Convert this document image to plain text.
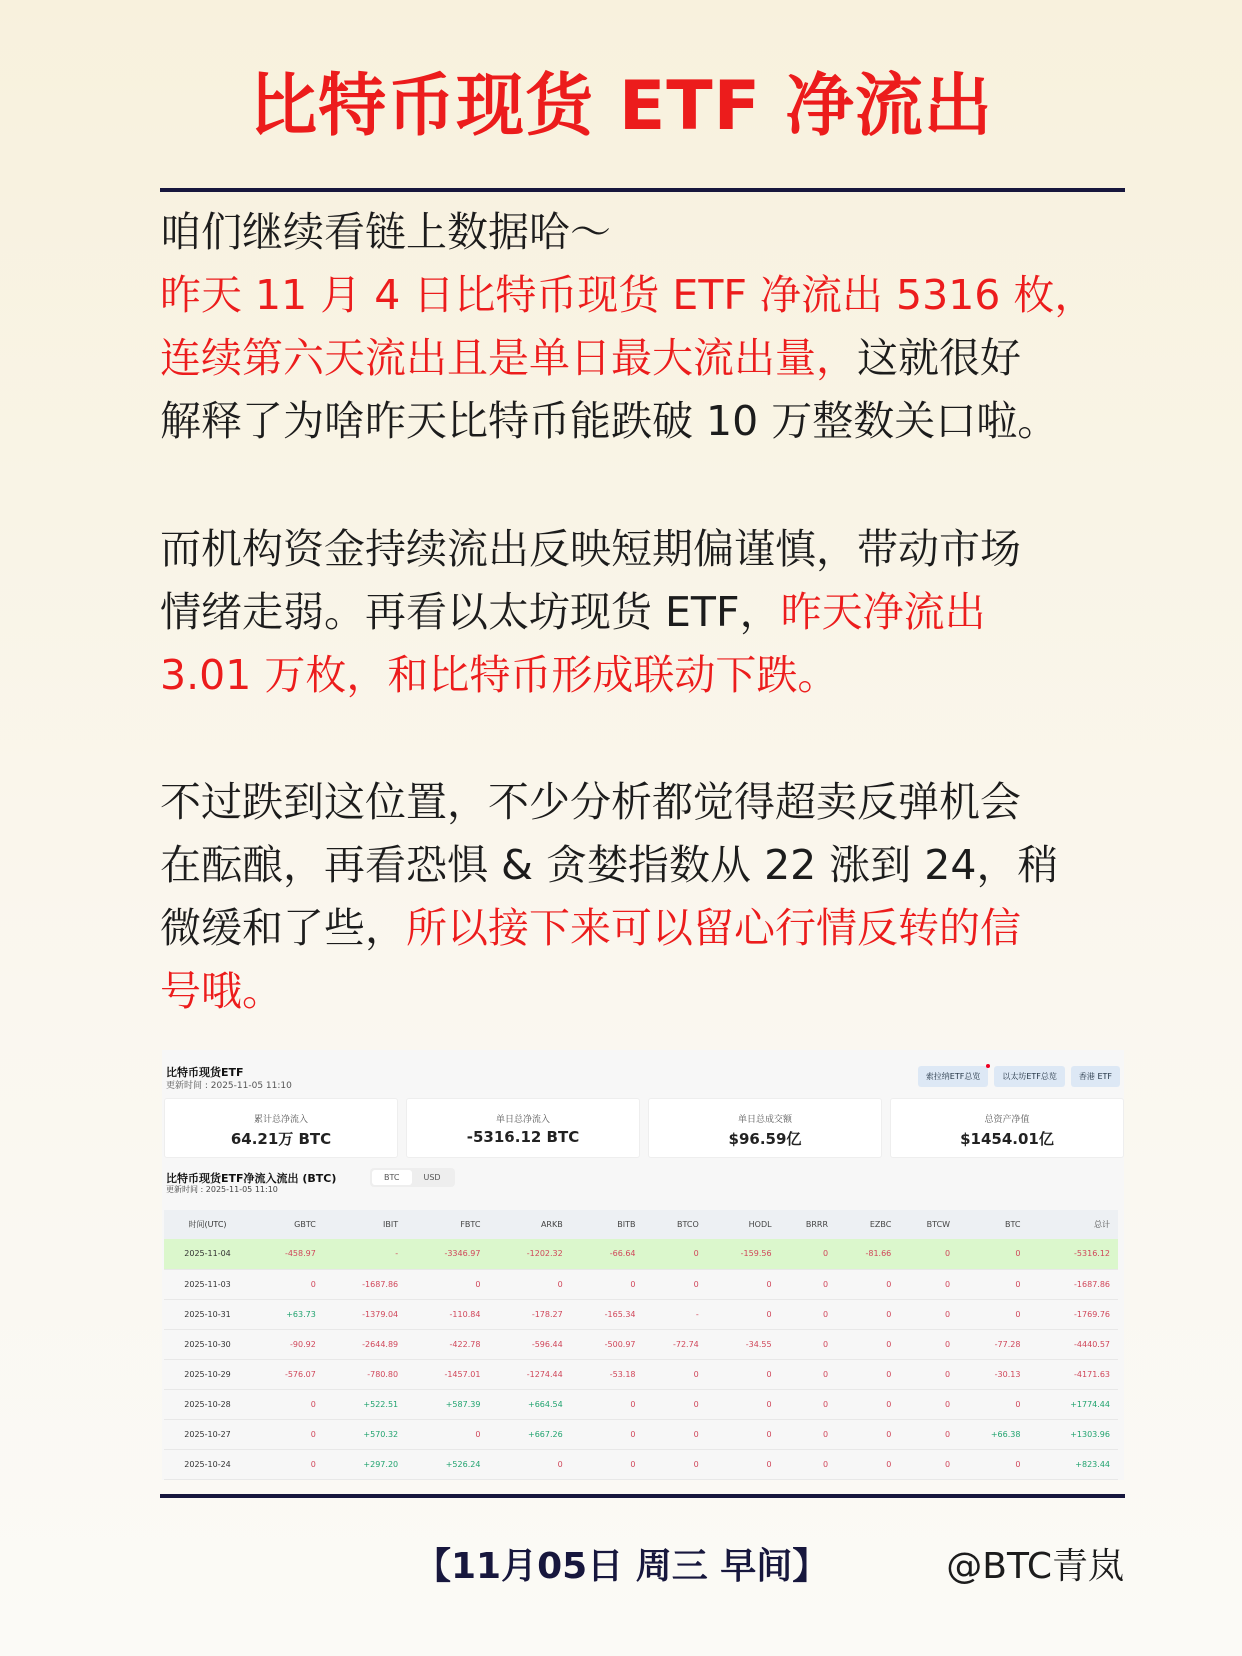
比特币现货 ETF 净流出
咱们继续看链上数据哈～
昨天 11 月 4 日比特币现货 ETF 净流出 5316 枚，
连续第六天流出且是单日最大流出量，这就很好
解释了为啥昨天比特币能跌破 10 万整数关口啦。
而机构资金持续流出反映短期偏谨慎，带动市场
情绪走弱。再看以太坊现货 ETF，昨天净流出
3.01 万枚，和比特币形成联动下跌。
不过跌到这位置，不少分析都觉得超卖反弹机会
在酝酿，再看恐惧 & 贪婪指数从 22 涨到 24，稍
微缓和了些，所以接下来可以留心行情反转的信
号哦。
比特币现货ETF
更新时间 : 2025-11-05 11:10
索拉纳ETF总览	以太坊ETF总览	香港 ETF
累计总净流入
64.21万 BTC
单日总净流入
-5316.12 BTC
单日总成交额
$96.59亿
总资产净值
$1454.01亿
比特币现货ETF净流入流出 (BTC)	BTC	USD
更新时间 : 2025-11-05 11:10
时间(UTC)	GBTC	IBIT	FBTC	ARKB	BITB	BTCO	HODL	BRRR	EZBC	BTCW	BTC	总计
2025-11-04	-458.97	-	-3346.97	-1202.32	-66.64	0	-159.56	0	-81.66	0	0	-5316.12
2025-11-03	0	-1687.86	0	0	0	0	0	0	0	0	0	-1687.86
2025-10-31	+63.73	-1379.04	-110.84	-178.27	-165.34	-	0	0	0	0	0	-1769.76
2025-10-30	-90.92	-2644.89	-422.78	-596.44	-500.97	-72.74	-34.55	0	0	0	-77.28	-4440.57
2025-10-29	-576.07	-780.80	-1457.01	-1274.44	-53.18	0	0	0	0	0	-30.13	-4171.63
2025-10-28	0	+522.51	+587.39	+664.54	0	0	0	0	0	0	0	+1774.44
2025-10-27	0	+570.32	0	+667.26	0	0	0	0	0	0	+66.38	+1303.96
2025-10-24	0	+297.20	+526.24	0	0	0	0	0	0	0	0	+823.44
【11月05日 周三 早间】	@BTC青岚
